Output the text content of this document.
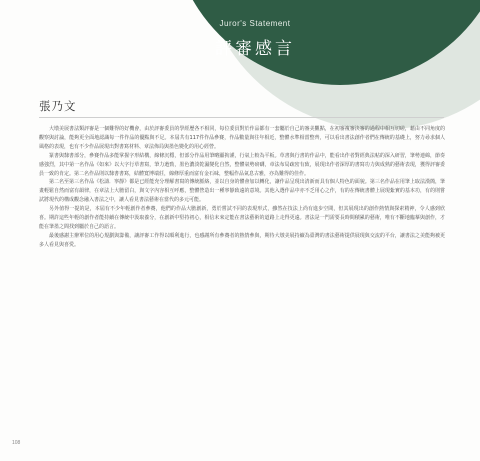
Juror's Statement
評審感言
張乃文

大墩美展書法類評審是一個難得的好機會，由於評審委員的學經歷各不相同，每位委員對於作品都有一套屬於自己的審美觀點，在初審複審決審的過程中相互切磋，藉由不同角度的觀察與討論，能夠更全面地認識每一件作品的優點與不足。本屆共有117件作品參賽，作品數量與往年相近，整體水準相當整齊，可以看出書法創作者們在傳統的基礎上，努力尋求個人風格的表現，也有不少作品展現出對書寫材料、章法佈局與墨色變化的用心經營。

篆書與隸書部分，參賽作品多能掌握字形結構，線條沉穩，但部分作品用筆略顯拘謹，行氣上較為平板。草書與行書的作品中，能看出作者對經典法帖的深入研習，筆勢連綿，節奏感強烈，其中第一名作品《如來》以大字行草書寫，筆力遒勁，墨色濃淡乾濕變化自然，整體氣勢磅礴，章法布局疏密有致，展現出作者深厚的書寫功力與成熟的藝術表現，獲得評審委員一致的肯定。第二名作品則以隸書書寫，結體寬博端莊，線條厚重而富有金石味，整幅作品氣息古雅，亦為難得的佳作。

第二名至第三名作品《松濤．寧靜》都是已經能充分理解書寫的傳統脈絡，並以自身的體會加以轉化，讓作品呈現出清新而具有個人特色的面貌。第三名作品在用筆上取法漢簡，筆畫輕鬆自然而富有韻律，在章法上大膽留白，與文字內容相互呼應，整體營造出一種寧靜致遠的意境。其他入選作品中亦不乏用心之作，有的在傳統書體上展現紮實的基本功，有的則嘗試將現代的構成觀念融入書法之中，讓人看見書法藝術在當代的多元可能。

另外值得一提的是，本屆有不少年輕創作者參賽，他們的作品大膽創新，勇於嘗試不同的表現形式，雖然在技法上尚有進步空間，但其展現出的創作熱情與探索精神，令人感到欣喜。期許這些年輕的創作者能持續在傳統中汲取養分，在創新中堅持初心，相信未來定能在書法藝術的道路上走得更遠。書法是一門需要長時間積累的藝術，唯有不斷地臨摹與創作，才能在筆墨之間找到屬於自己的語言。

最後感謝主辦單位的用心規劃與籌備，讓評審工作得以順利進行，也感謝所有參賽者的熱情參與，期待大墩美展持續為臺灣的書法藝術提供展現與交流的平台，讓書法之美能夠被更多人看見與喜愛。

108
